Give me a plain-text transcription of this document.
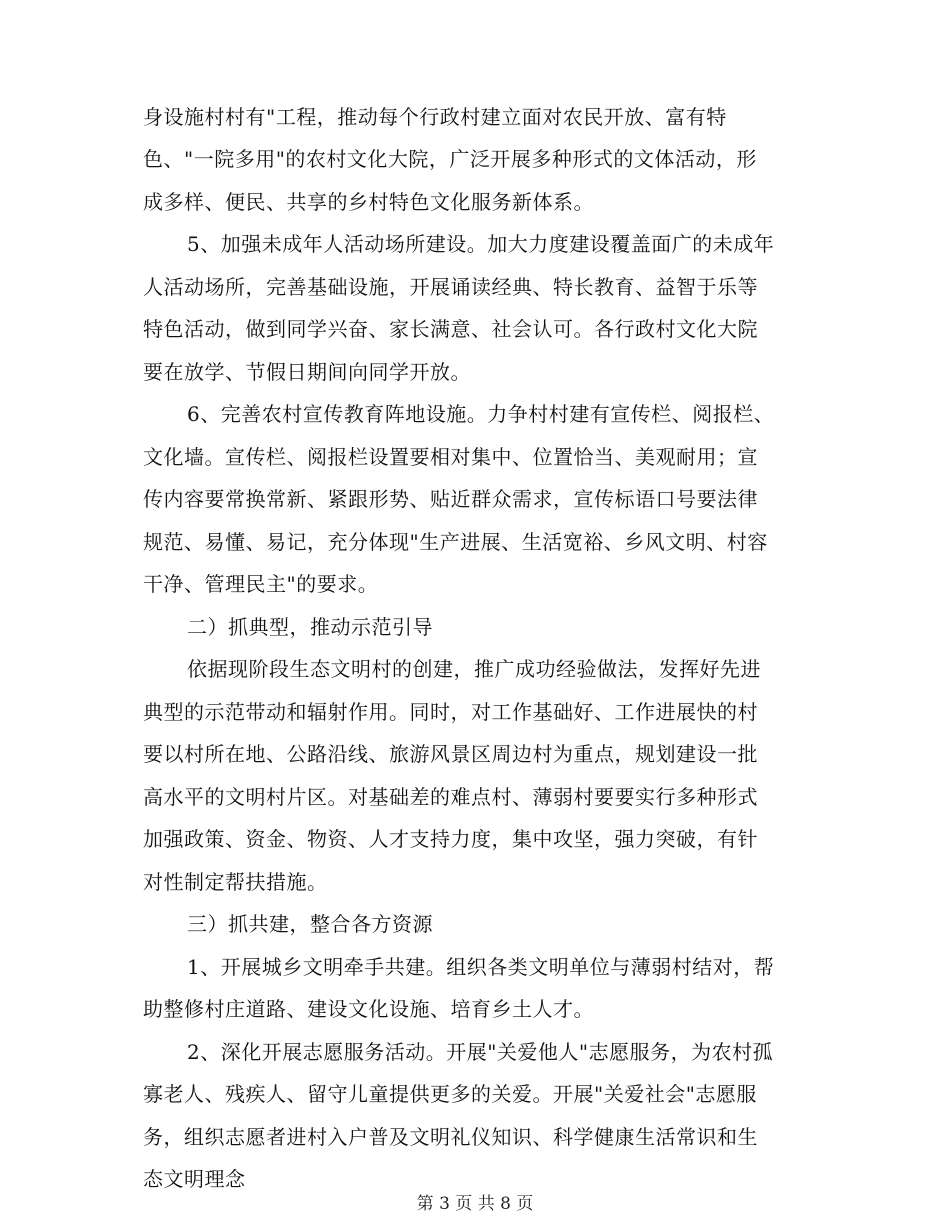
身设施村村有"工程，推动每个行政村建立面对农民开放、富有特
色、"一院多用"的农村文化大院，广泛开展多种形式的文体活动，形
成多样、便民、共享的乡村特色文化服务新体系。
5、加强未成年人活动场所建设。加大力度建设覆盖面广的未成年
人活动场所，完善基础设施，开展诵读经典、特长教育、益智于乐等
特色活动，做到同学兴奋、家长满意、社会认可。各行政村文化大院
要在放学、节假日期间向同学开放。
6、完善农村宣传教育阵地设施。力争村村建有宣传栏、阅报栏、
文化墙。宣传栏、阅报栏设置要相对集中、位置恰当、美观耐用；宣
传内容要常换常新、紧跟形势、贴近群众需求，宣传标语口号要法律
规范、易懂、易记，充分体现"生产进展、生活宽裕、乡风文明、村容
干净、管理民主"的要求。
二）抓典型，推动示范引导
依据现阶段生态文明村的创建，推广成功经验做法，发挥好先进
典型的示范带动和辐射作用。同时，对工作基础好、工作进展快的村
要以村所在地、公路沿线、旅游风景区周边村为重点，规划建设一批
高水平的文明村片区。对基础差的难点村、薄弱村要要实行多种形式
加强政策、资金、物资、人才支持力度，集中攻坚，强力突破，有针
对性制定帮扶措施。
三）抓共建，整合各方资源
1、开展城乡文明牵手共建。组织各类文明单位与薄弱村结对，帮
助整修村庄道路、建设文化设施、培育乡土人才。
2、深化开展志愿服务活动。开展"关爱他人"志愿服务，为农村孤
寡老人、残疾人、留守儿童提供更多的关爱。开展"关爱社会"志愿服
务，组织志愿者进村入户普及文明礼仪知识、科学健康生活常识和生
态文明理念
第 3 页 共 8 页
